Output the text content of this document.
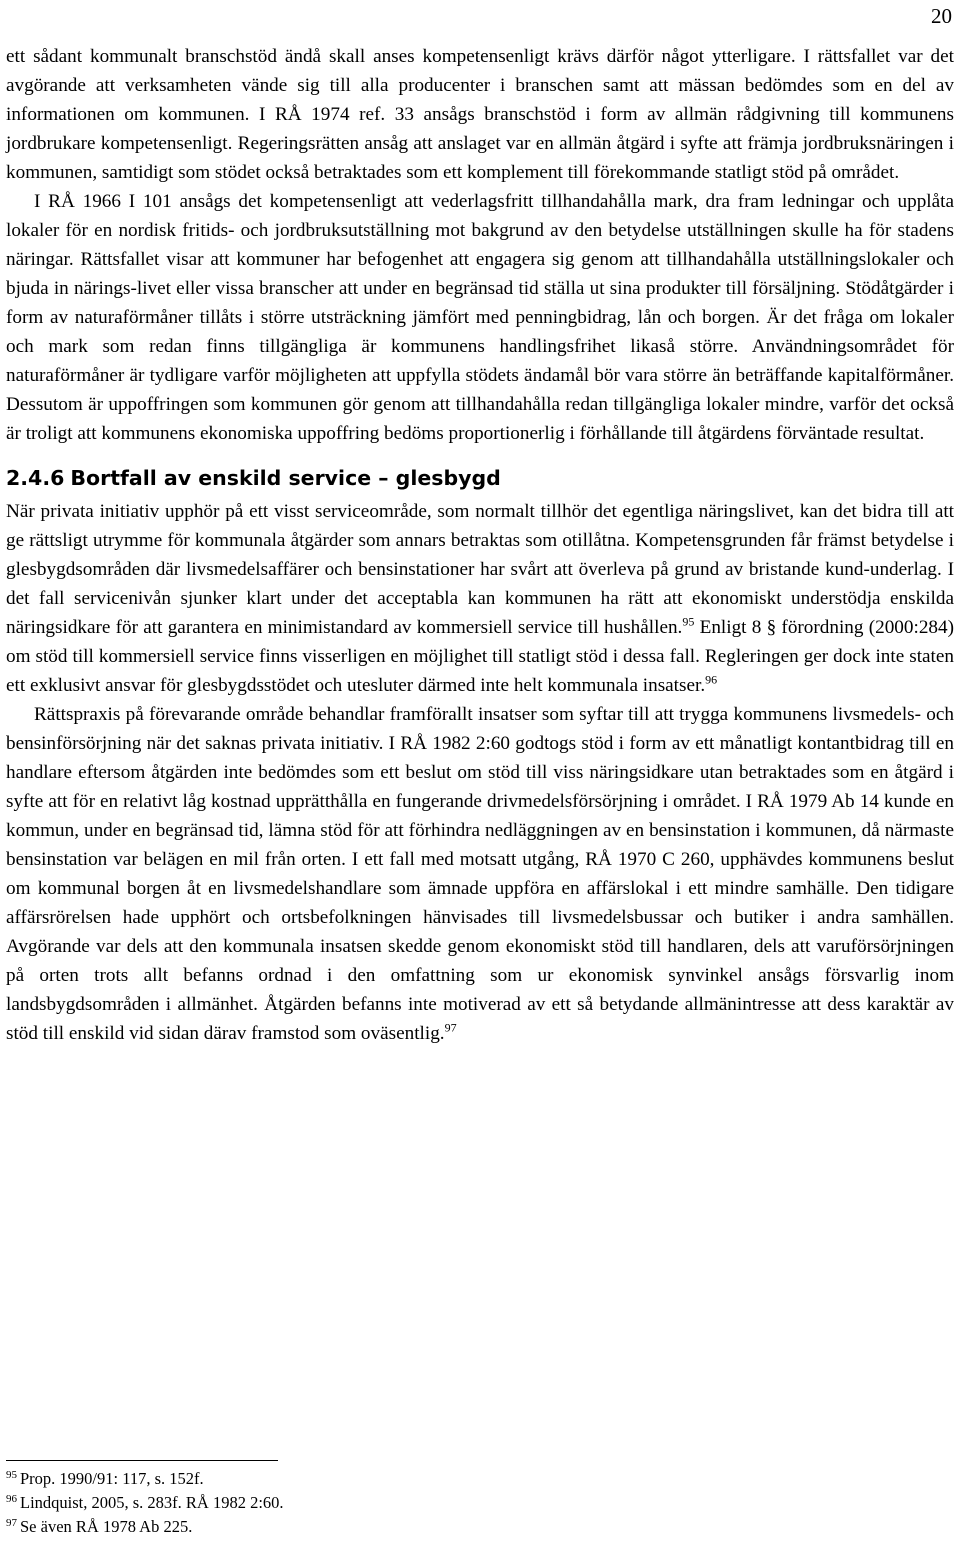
20

ett sådant kommunalt branschstöd ändå skall anses kompetensenligt krävs därför något ytterligare. I rättsfallet var det avgörande att verksamheten vände sig till alla producenter i branschen samt att mässan bedömdes som en del av informationen om kommunen. I RÅ 1974 ref. 33 ansågs branschstöd i form av allmän rådgivning till kommunens jordbrukare kompetensenligt. Regeringsrätten ansåg att anslaget var en allmän åtgärd i syfte att främja jordbruksnäringen i kommunen, samtidigt som stödet också betraktades som ett komplement till förekommande statligt stöd på området.

I RÅ 1966 I 101 ansågs det kompetensenligt att vederlagsfritt tillhandahålla mark, dra fram ledningar och upplåta lokaler för en nordisk fritids- och jordbruksutställning mot bakgrund av den betydelse utställningen skulle ha för stadens näringar. Rättsfallet visar att kommuner har befogenhet att engagera sig genom att tillhandahålla utställningslokaler och bjuda in närings-livet eller vissa branscher att under en begränsad tid ställa ut sina produkter till försäljning. Stödåtgärder i form av naturaförmåner tillåts i större utsträckning jämfört med penningbidrag, lån och borgen. Är det fråga om lokaler och mark som redan finns tillgängliga är kommunens handlingsfrihet likaså större. Användningsområdet för naturaförmåner är tydligare varför möjligheten att uppfylla stödets ändamål bör vara större än beträffande kapitalförmåner. Dessutom är uppoffringen som kommunen gör genom att tillhandahålla redan tillgängliga lokaler mindre, varför det också är troligt att kommunens ekonomiska uppoffring bedöms proportionerlig i förhållande till åtgärdens förväntade resultat.

2.4.6 Bortfall av enskild service – glesbygd

När privata initiativ upphör på ett visst serviceområde, som normalt tillhör det egentliga näringslivet, kan det bidra till att ge rättsligt utrymme för kommunala åtgärder som annars betraktas som otillåtna. Kompetensgrunden får främst betydelse i glesbygdsområden där livsmedelsaffärer och bensinstationer har svårt att överleva på grund av bristande kund-underlag. I det fall servicenivån sjunker klart under det acceptabla kan kommunen ha rätt att ekonomiskt understödja enskilda näringsidkare för att garantera en minimistandard av kommersiell service till hushållen.$^{95}$ Enligt 8 § förordning (2000:284) om stöd till kommersiell service finns visserligen en möjlighet till statligt stöd i dessa fall. Regleringen ger dock inte staten ett exklusivt ansvar för glesbygdsstödet och utesluter därmed inte helt kommunala insatser.$^{96}$

Rättspraxis på förevarande område behandlar framförallt insatser som syftar till att trygga kommunens livsmedels- och bensinförsörjning när det saknas privata initiativ. I RÅ 1982 2:60 godtogs stöd i form av ett månatligt kontantbidrag till en handlare eftersom åtgärden inte bedömdes som ett beslut om stöd till viss näringsidkare utan betraktades som en åtgärd i syfte att för en relativt låg kostnad upprätthålla en fungerande drivmedelsförsörjning i området. I RÅ 1979 Ab 14 kunde en kommun, under en begränsad tid, lämna stöd för att förhindra nedläggningen av en bensinstation i kommunen, då närmaste bensinstation var belägen en mil från orten. I ett fall med motsatt utgång, RÅ 1970 C 260, upphävdes kommunens beslut om kommunal borgen åt en livsmedelshandlare som ämnade uppföra en affärslokal i ett mindre samhälle. Den tidigare affärsrörelsen hade upphört och ortsbefolkningen hänvisades till livsmedelsbussar och butiker i andra samhällen. Avgörande var dels att den kommunala insatsen skedde genom ekonomiskt stöd till handlaren, dels att varuförsörjningen på orten trots allt befanns ordnad i den omfattning som ur ekonomisk synvinkel ansågs försvarlig inom landsbygdsområden i allmänhet. Åtgärden befanns inte motiverad av ett så betydande allmänintresse att dess karaktär av stöd till enskild vid sidan därav framstod som oväsentlig.$^{97}$

$^{95}$ Prop. 1990/91: 117, s. 152f.
$^{96}$ Lindquist, 2005, s. 283f. RÅ 1982 2:60.
$^{97}$ Se även RÅ 1978 Ab 225.
